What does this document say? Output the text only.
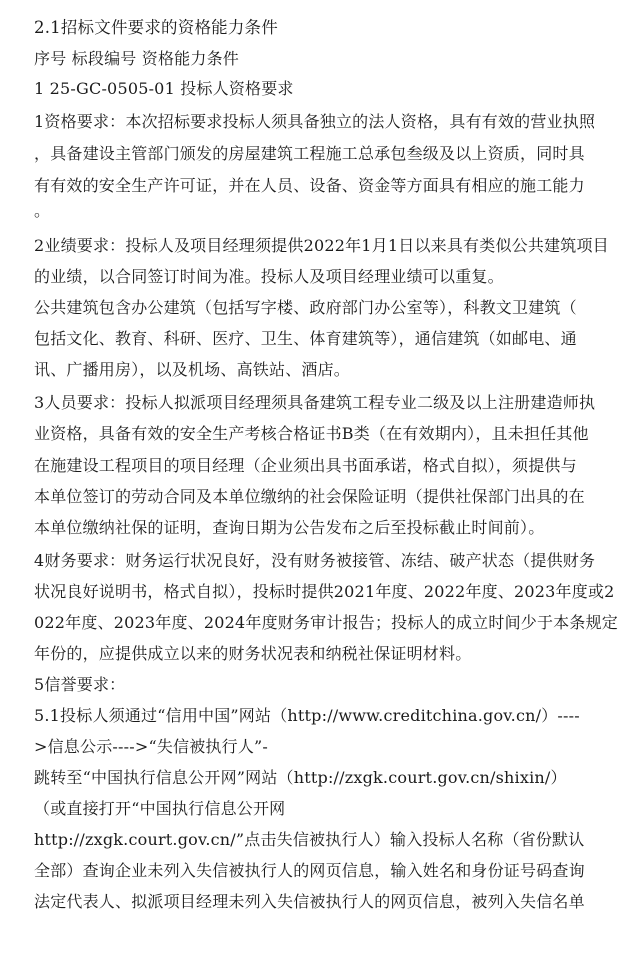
2.1招标文件要求的资格能力条件
序号 标段编号 资格能力条件
1 25-GC-0505-01 投标人资格要求
1资格要求：本次招标要求投标人须具备独立的法人资格，具有有效的营业执照
，具备建设主管部门颁发的房屋建筑工程施工总承包叁级及以上资质，同时具
有有效的安全生产许可证，并在人员、设备、资金等方面具有相应的施工能力
。
2业绩要求：投标人及项目经理须提供2022年1月1日以来具有类似公共建筑项目
的业绩，以合同签订时间为准。投标人及项目经理业绩可以重复。
公共建筑包含办公建筑（包括写字楼、政府部门办公室等），科教文卫建筑（
包括文化、教育、科研、医疗、卫生、体育建筑等），通信建筑（如邮电、通
讯、广播用房），以及机场、高铁站、酒店。
3人员要求：投标人拟派项目经理须具备建筑工程专业二级及以上注册建造师执
业资格，具备有效的安全生产考核合格证书B类（在有效期内），且未担任其他
在施建设工程项目的项目经理（企业须出具书面承诺，格式自拟），须提供与
本单位签订的劳动合同及本单位缴纳的社会保险证明（提供社保部门出具的在
本单位缴纳社保的证明，查询日期为公告发布之后至投标截止时间前）。
4财务要求：财务运行状况良好，没有财务被接管、冻结、破产状态（提供财务
状况良好说明书，格式自拟），投标时提供2021年度、2022年度、2023年度或2
022年度、2023年度、2024年度财务审计报告；投标人的成立时间少于本条规定
年份的，应提供成立以来的财务状况表和纳税社保证明材料。
5信誉要求：
5.1投标人须通过“信用中国”网站（http://www.creditchina.gov.cn/）----
>信息公示---->“失信被执行人”-
跳转至“中国执行信息公开网”网站（http://zxgk.court.gov.cn/shixin/）
（或直接打开“中国执行信息公开网
http://zxgk.court.gov.cn/”点击失信被执行人）输入投标人名称（省份默认
全部）查询企业未列入失信被执行人的网页信息，输入姓名和身份证号码查询
法定代表人、拟派项目经理未列入失信被执行人的网页信息，被列入失信名单
